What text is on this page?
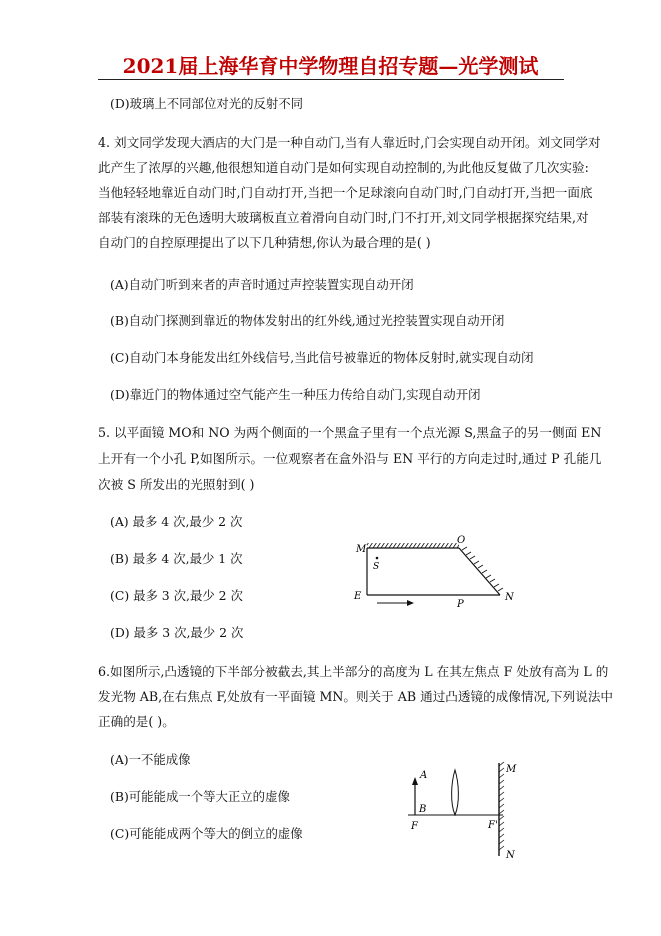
2021届上海华育中学物理自招专题—光学测试
(D)玻璃上不同部位对光的反射不同
4. 刘文同学发现大酒店的大门是一种自动门,当有人靠近时,门会实现自动开闭。刘文同学对
此产生了浓厚的兴趣,他很想知道自动门是如何实现自动控制的,为此他反复做了几次实验:
当他轻轻地靠近自动门时,门自动打开,当把一个足球滚向自动门时,门自动打开,当把一面底
部装有滚珠的无色透明大玻璃板直立着滑向自动门时,门不打开,刘文同学根据探究结果,对
自动门的自控原理提出了以下几种猜想,你认为最合理的是( )
(A)自动门听到来者的声音时通过声控装置实现自动开闭
(B)自动门探测到靠近的物体发射出的红外线,通过光控装置实现自动开闭
(C)自动门本身能发出红外线信号,当此信号被靠近的物体反射时,就实现自动闭
(D)靠近门的物体通过空气能产生一种压力传给自动门,实现自动开闭
5. 以平面镜 MO和 NO 为两个侧面的一个黑盒子里有一个点光源 S,黑盒子的另一侧面 EN
上开有一个小孔 P,如图所示。一位观察者在盒外沿与 EN 平行的方向走过时,通过 P 孔能几
次被 S 所发出的光照射到( )
(A) 最多 4 次,最少 2 次
(B) 最多 4 次,最少 1 次
(C) 最多 3 次,最少 2 次
(D) 最多 3 次,最少 2 次
M
O
S
E
P
N
6.如图所示,凸透镜的下半部分被截去,其上半部分的高度为 L 在其左焦点 F 处放有高为 L 的
发光物 AB,在右焦点 F,处放有一平面镜 MN。则关于 AB 通过凸透镜的成像情况,下列说法中
正确的是( )。
(A)一不能成像
(B)可能能成一个等大正立的虚像
(C)可能能成两个等大的倒立的虚像
A
B
F	F'
M
N
